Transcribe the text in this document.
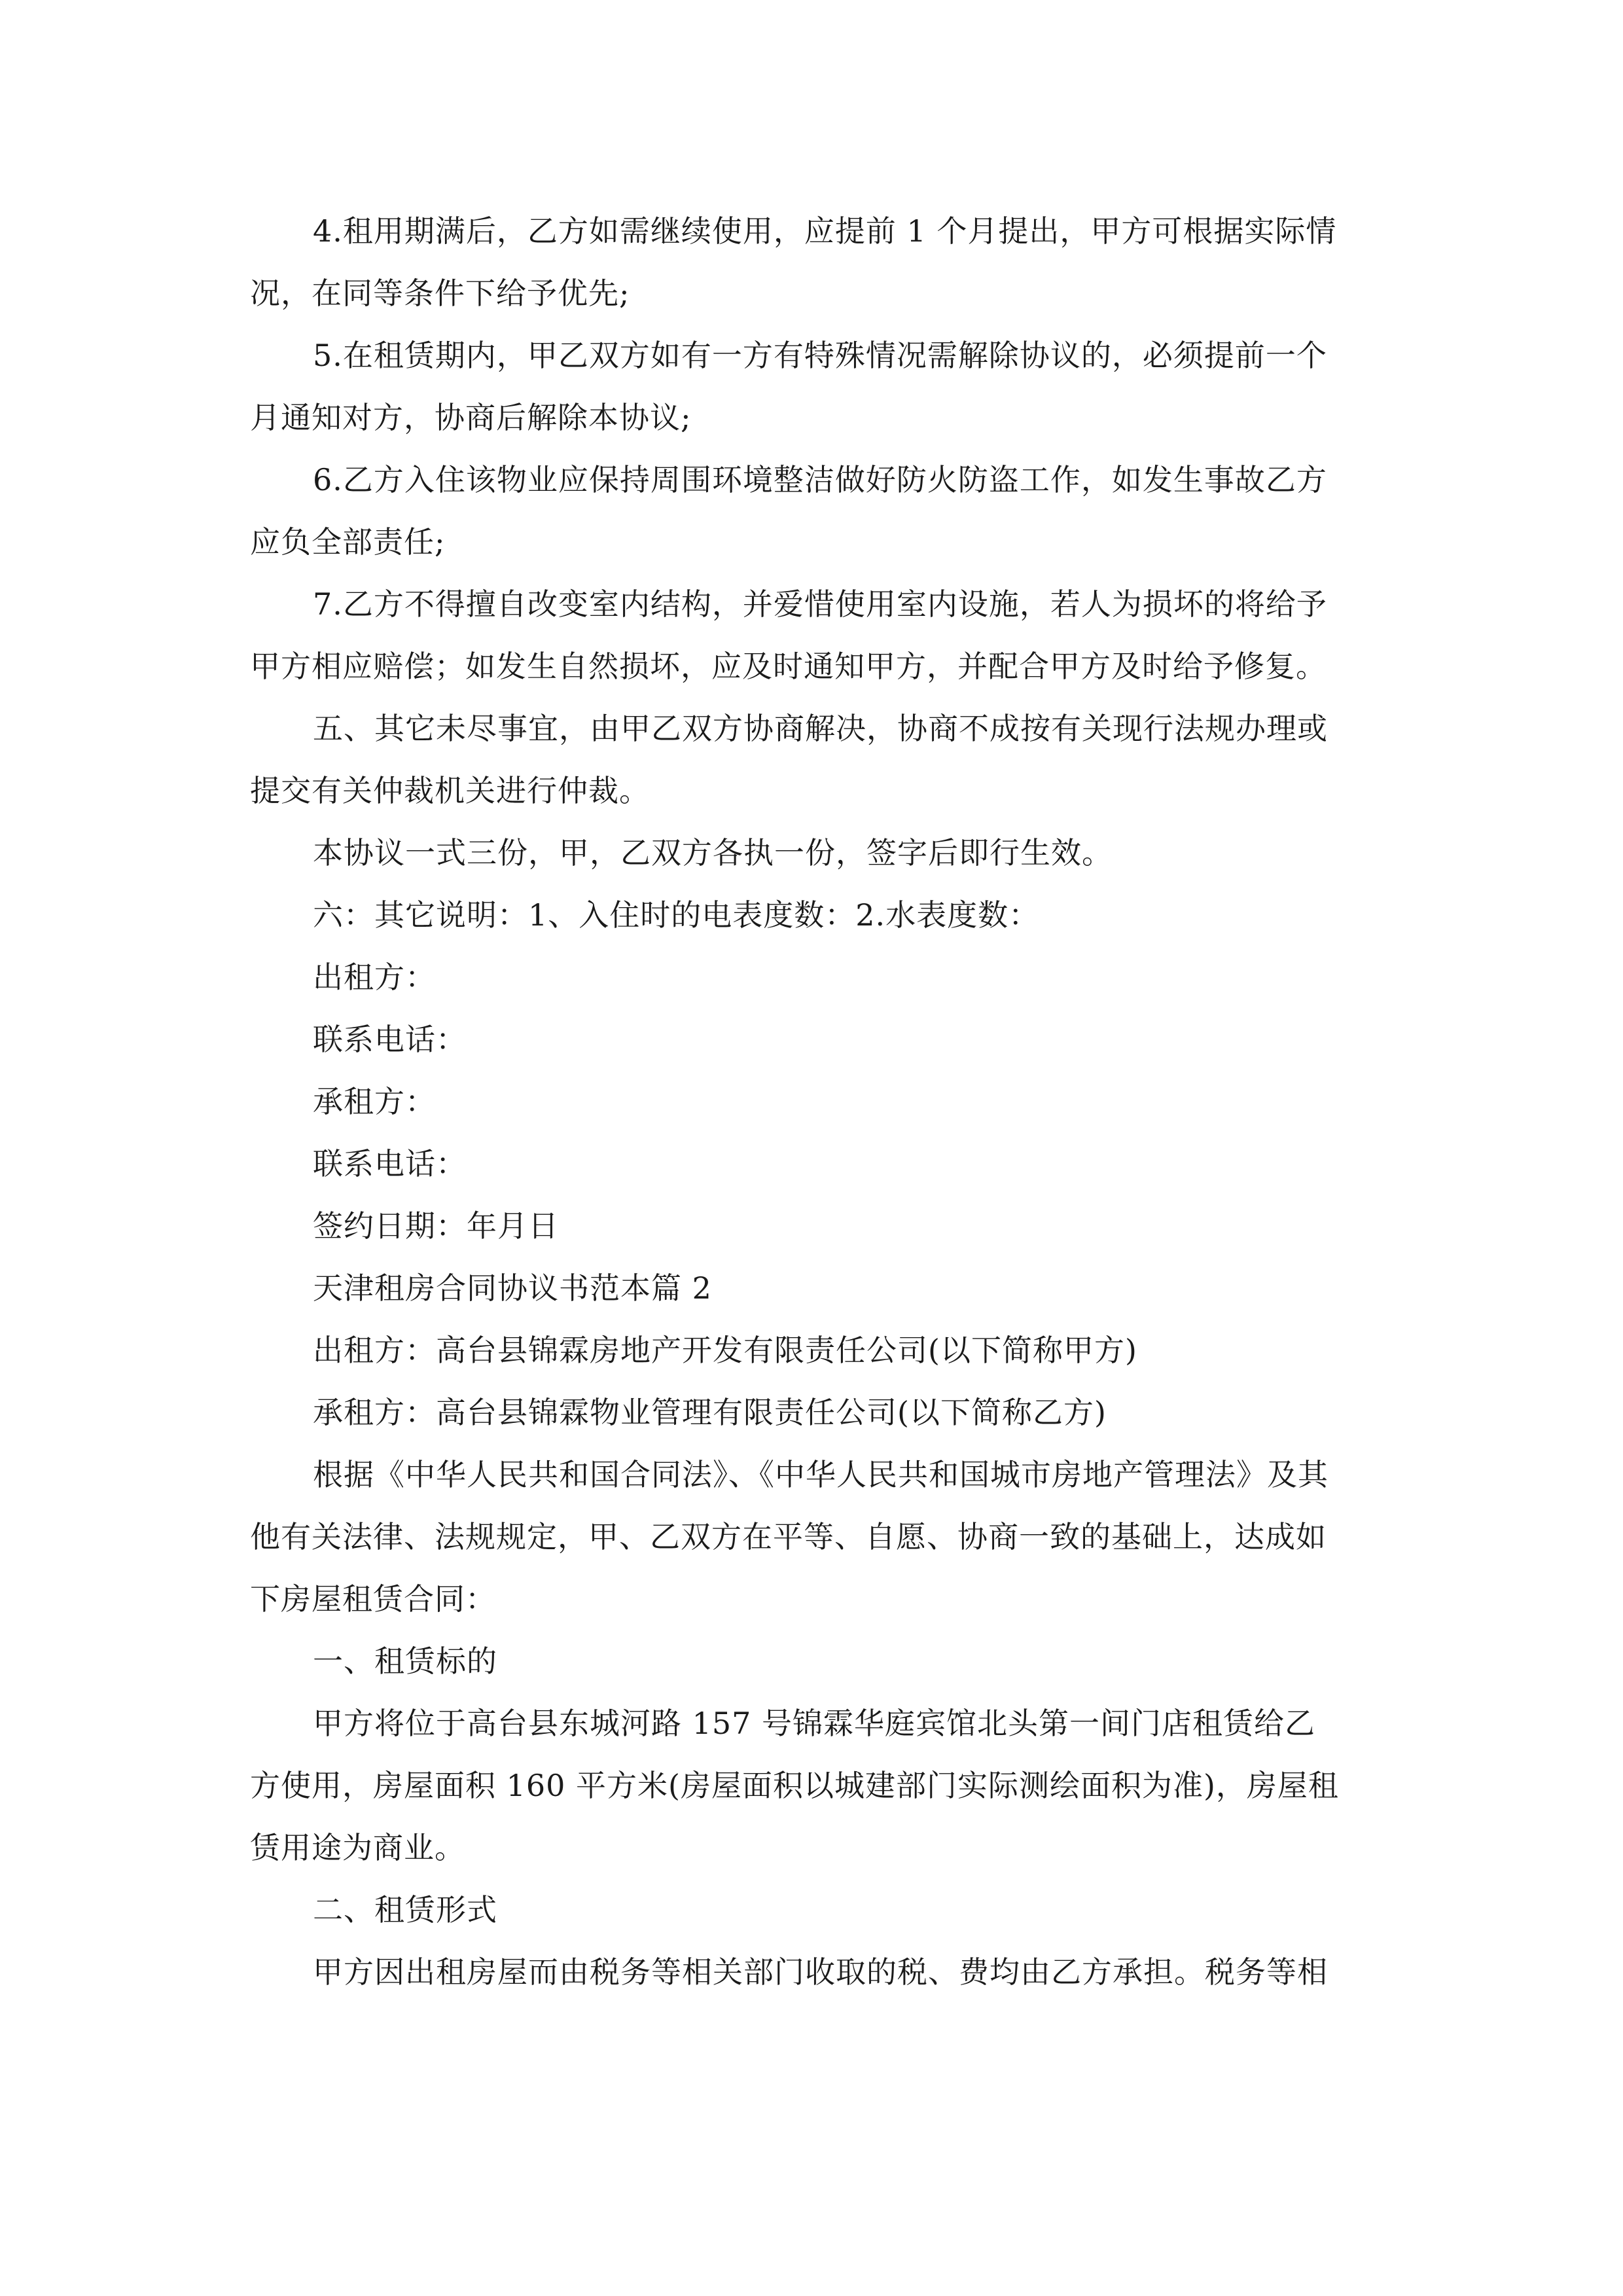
4.租用期满后，乙方如需继续使用，应提前 1 个月提出，甲方可根据实际情

况，在同等条件下给予优先;

5.在租赁期内，甲乙双方如有一方有特殊情况需解除协议的，必须提前一个

月通知对方，协商后解除本协议;

6.乙方入住该物业应保持周围环境整洁做好防火防盗工作，如发生事故乙方

应负全部责任;

7.乙方不得擅自改变室内结构，并爱惜使用室内设施，若人为损坏的将给予

甲方相应赔偿；如发生自然损坏，应及时通知甲方，并配合甲方及时给予修复。

五、其它未尽事宜，由甲乙双方协商解决，协商不成按有关现行法规办理或

提交有关仲裁机关进行仲裁。

本协议一式三份，甲，乙双方各执一份，签字后即行生效。

六：其它说明：1、入住时的电表度数：2.水表度数：

出租方：

联系电话：

承租方：

联系电话：

签约日期：年月日

天津租房合同协议书范本篇 2

出租方：高台县锦霖房地产开发有限责任公司(以下简称甲方)

承租方：高台县锦霖物业管理有限责任公司(以下简称乙方)

根据《中华人民共和国合同法》、《中华人民共和国城市房地产管理法》及其

他有关法律、法规规定，甲、乙双方在平等、自愿、协商一致的基础上，达成如

下房屋租赁合同：

一、租赁标的

甲方将位于高台县东城河路 157 号锦霖华庭宾馆北头第一间门店租赁给乙

方使用，房屋面积 160 平方米(房屋面积以城建部门实际测绘面积为准)，房屋租

赁用途为商业。

二、租赁形式

甲方因出租房屋而由税务等相关部门收取的税、费均由乙方承担。税务等相
